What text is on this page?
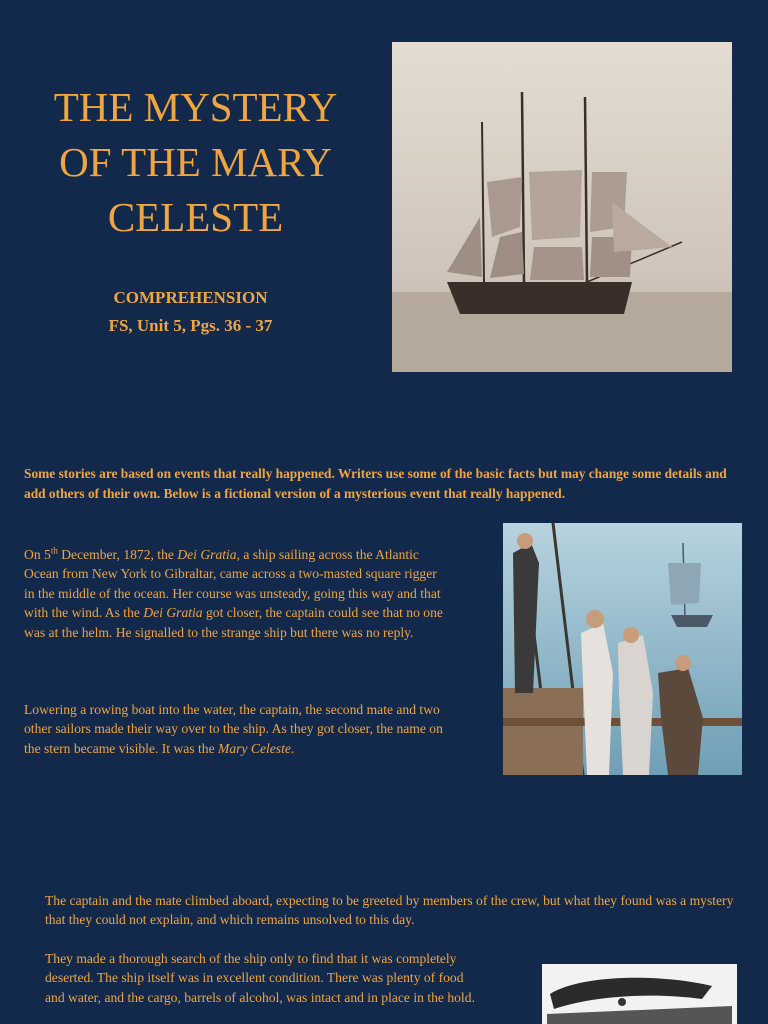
THE MYSTERY
OF THE MARY
CELESTE
COMPREHENSION
FS, Unit 5, Pgs. 36 - 37

Some stories are based on events that really happened. Writers use some of the basic facts but may change some details and add others of their own. Below is a fictional version of a mysterious event that really happened.

On 5th December, 1872, the Dei Gratia, a ship sailing across the Atlantic Ocean from New York to Gibraltar, came across a two-masted square rigger in the middle of the ocean. Her course was unsteady, going this way and that with the wind. As the Dei Gratia got closer, the captain could see that no one was at the helm. He signalled to the strange ship but there was no reply.

Lowering a rowing boat into the water, the captain, the second mate and two other sailors made their way over to the ship. As they got closer, the name on the stern became visible. It was the Mary Celeste.

The captain and the mate climbed aboard, expecting to be greeted by members of the crew, but what they found was a mystery that they could not explain, and which remains unsolved to this day.

They made a thorough search of the ship only to find that it was completely deserted. The ship itself was in excellent condition. There was plenty of food and water, and the cargo, barrels of alcohol, was intact and in place in the hold.
